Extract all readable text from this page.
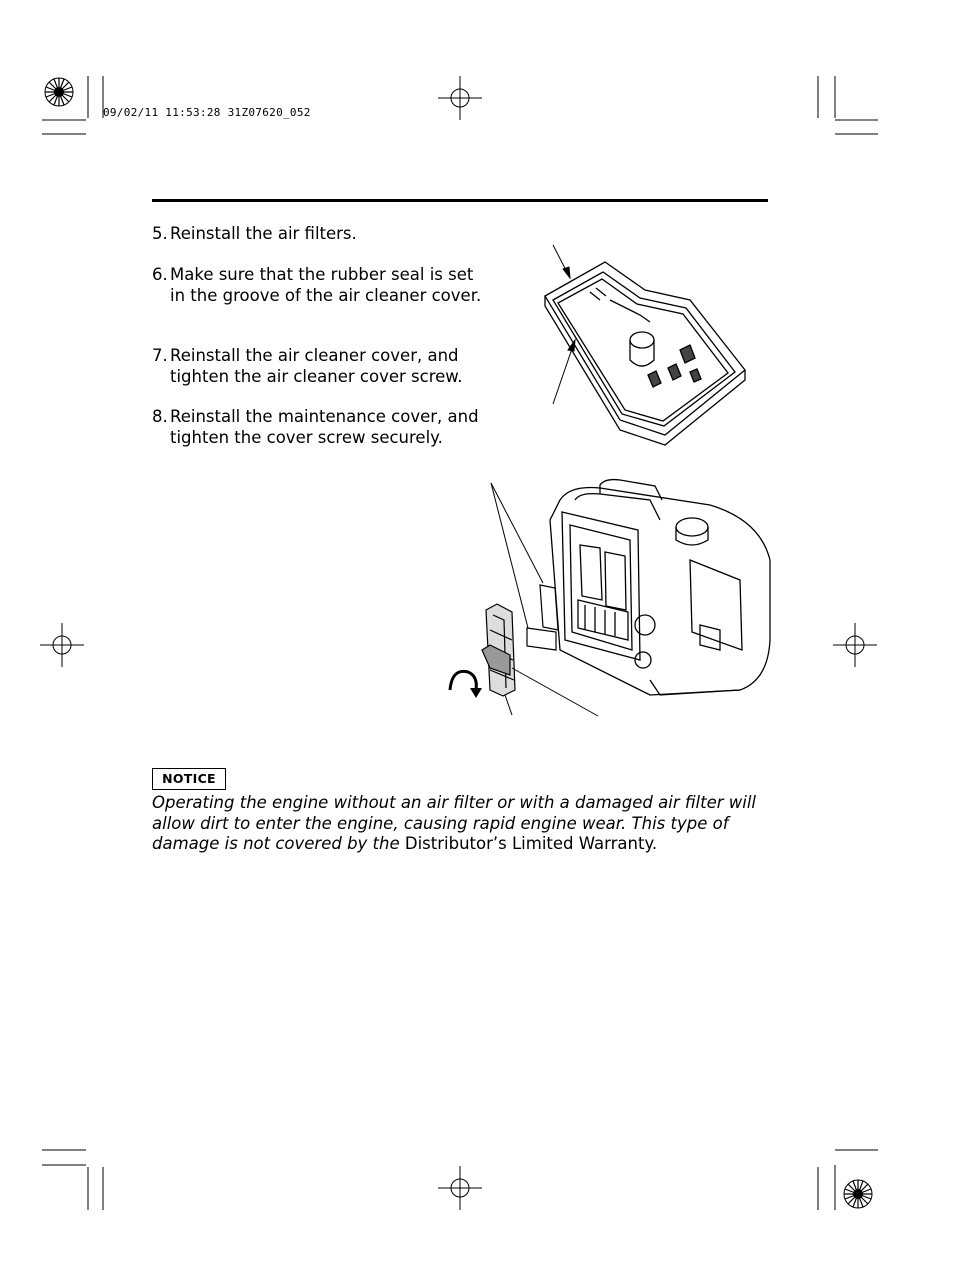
09/02/11 11:53:28 31Z07620_052
5. Reinstall the air filters.
6. Make sure that the rubber seal is set in the groove of the air cleaner cover.
7. Reinstall the air cleaner cover, and tighten the air cleaner cover screw.
8. Reinstall the maintenance cover, and tighten the cover screw securely.
NOTICE
Operating the engine without an air filter or with a damaged air filter will allow dirt to enter the engine, causing rapid engine wear. This type of damage is not covered by the Distributor’s Limited Warranty.
